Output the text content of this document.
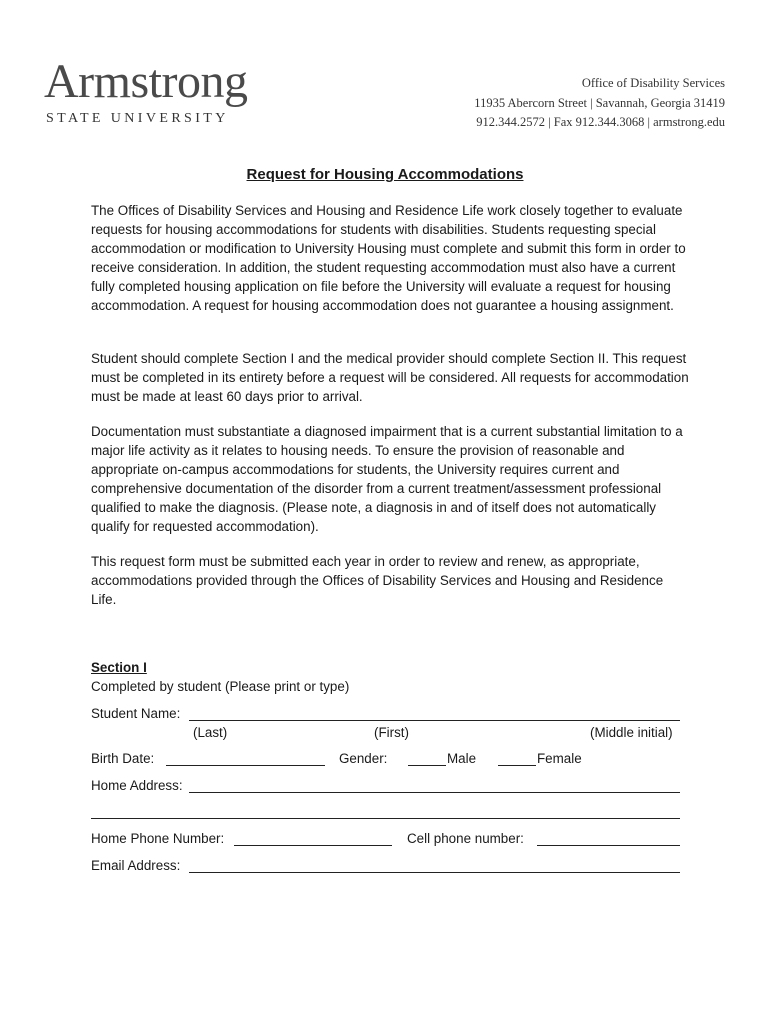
Armstrong
STATE UNIVERSITY
Office of Disability Services
11935 Abercorn Street | Savannah, Georgia 31419
912.344.2572 | Fax 912.344.3068 | armstrong.edu
Request for Housing Accommodations

The Offices of Disability Services and Housing and Residence Life work closely together to evaluate requests for housing accommodations for students with disabilities. Students requesting special accommodation or modification to University Housing must complete and submit this form in order to receive consideration. In addition, the student requesting accommodation must also have a current fully completed housing application on file before the University will evaluate a request for housing accommodation. A request for housing accommodation does not guarantee a housing assignment.

Student should complete Section I and the medical provider should complete Section II. This request must be completed in its entirety before a request will be considered. All requests for accommodation must be made at least 60 days prior to arrival.

Documentation must substantiate a diagnosed impairment that is a current substantial limitation to a major life activity as it relates to housing needs. To ensure the provision of reasonable and appropriate on-campus accommodations for students, the University requires current and comprehensive documentation of the disorder from a current treatment/assessment professional qualified to make the diagnosis. (Please note, a diagnosis in and of itself does not automatically qualify for requested accommodation).

This request form must be submitted each year in order to review and renew, as appropriate, accommodations provided through the Offices of Disability Services and Housing and Residence Life.

Section I
Completed by student (Please print or type)
Student Name:
(Last)	(First)	(Middle initial)
Birth Date:	Gender:	Male	Female
Home Address:
Home Phone Number:	Cell phone number:
Email Address:
